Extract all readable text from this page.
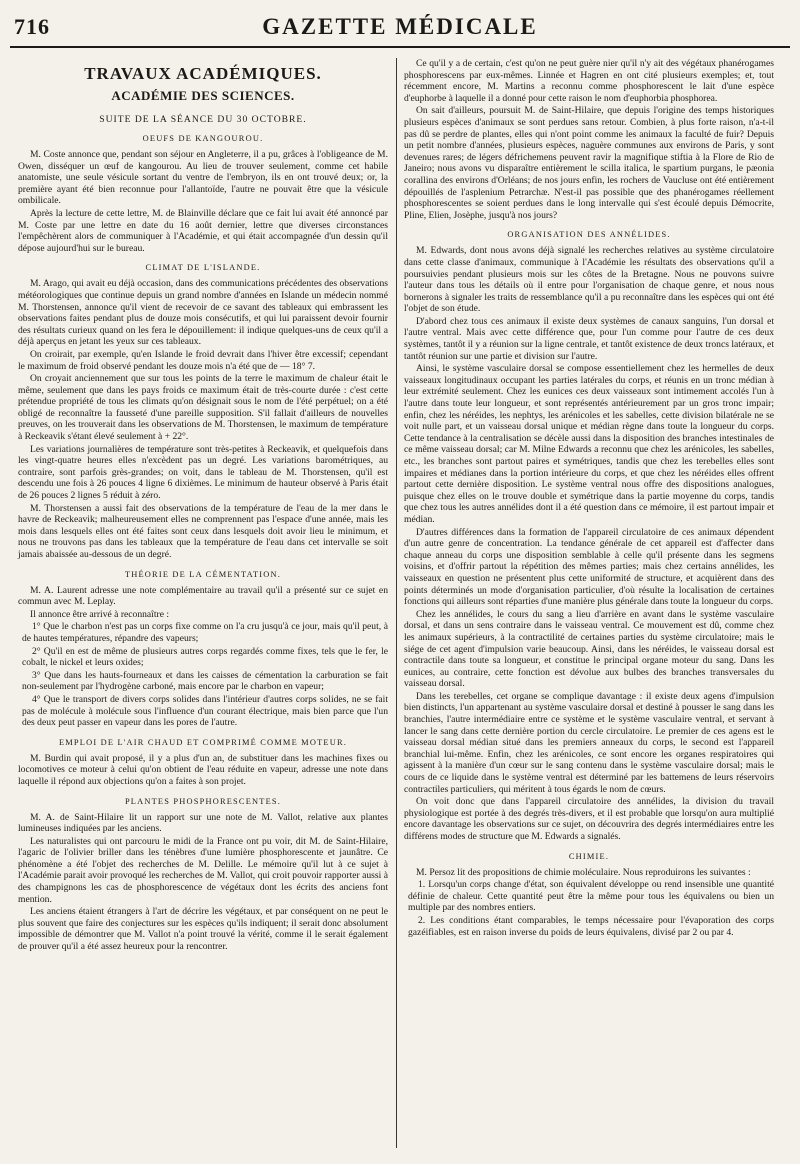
716	GAZETTE MÉDICALE
TRAVAUX ACADÉMIQUES.
ACADÉMIE DES SCIENCES.
SUITE DE LA SÉANCE DU 30 OCTOBRE.
OEUFS DE KANGOUROU.

M. Coste annonce que, pendant son séjour en Angleterre, il a pu, grâces à l'obligeance de M. Owen, disséquer un œuf de kangourou. Au lieu de trouver seulement, comme cet habile anatomiste, une seule vésicule sortant du ventre de l'embryon, ils en ont trouvé deux; or, la première ayant été bien reconnue pour l'allantoïde, l'autre ne pouvait être que la vésicule ombilicale.

Après la lecture de cette lettre, M. de Blainville déclare que ce fait lui avait été annoncé par M. Coste par une lettre en date du 16 août dernier, lettre que diverses circonstances l'empêchèrent alors de communiquer à l'Académie, et qui était accompagnée d'un dessin qu'il dépose aujourd'hui sur le bureau.

CLIMAT DE L'ISLANDE.

M. Arago, qui avait eu déjà occasion, dans des communications précédentes des observations météorologiques que continue depuis un grand nombre d'années en Islande un médecin nommé M. Thorstensen, annonce qu'il vient de recevoir de ce savant des tableaux qui embrassent les observations faites pendant plus de douze mois consécutifs, et qui lui paraissent devoir fournir des résultats curieux quand on les fera le dépouillement: il indique quelques-uns de ceux qu'il a déjà aperçus en jetant les yeux sur ces tableaux.

On croirait, par exemple, qu'en Islande le froid devrait dans l'hiver être excessif; cependant le maximum de froid observé pendant les douze mois n'a été que de — 18° 7.

On croyait anciennement que sur tous les points de la terre le maximum de chaleur était le même, seulement que dans les pays froids ce maximum était de très-courte durée : c'est cette prétendue propriété de tous les climats qu'on désignait sous le nom de l'été perpétuel; on a été obligé de reconnaître la fausseté d'une pareille supposition. S'il fallait d'ailleurs de nouvelles preuves, on les trouverait dans les observations de M. Thorstensen, le maximum de température à Reckeavik s'étant élevé seulement à + 22°.

Les variations journalières de température sont très-petites à Reckeavik, et quelquefois dans les vingt-quatre heures elles n'excèdent pas un degré. Les variations barométriques, au contraire, sont parfois grès-grandes; on voit, dans le tableau de M. Thorstensen, qu'il est descendu une fois à 26 pouces 4 ligne 6 dixièmes. Le minimum de hauteur observé à Paris était de 26 pouces 2 lignes 5 réduit à zéro.

M. Thorstensen a aussi fait des observations de la température de l'eau de la mer dans le havre de Reckeavik; malheureusement elles ne comprennent pas l'espace d'une année, mais les mois dans lesquels elles ont été faites sont ceux dans lesquels doit avoir lieu le minimum, et nous ne trouvons pas dans les tableaux que la température de l'eau dans cet intervalle se soit jamais abaissée au-dessous de un degré.

THÉORIE DE LA CÉMENTATION.

M. A. Laurent adresse une note complémentaire au travail qu'il a présenté sur ce sujet en commun avec M. Leplay.

Il annonce être arrivé à reconnaître :

1° Que le charbon n'est pas un corps fixe comme on l'a cru jusqu'à ce jour, mais qu'il peut, à de hautes températures, répandre des vapeurs;

2° Qu'il en est de même de plusieurs autres corps regardés comme fixes, tels que le fer, le cobalt, le nickel et leurs oxides;

3° Que dans les hauts-fourneaux et dans les caisses de cémentation la carburation se fait non-seulement par l'hydrogène carboné, mais encore par le charbon en vapeur;

4° Que le transport de divers corps solides dans l'intérieur d'autres corps solides, ne se fait pas de molécule à molécule sous l'influence d'un courant électrique, mais bien parce que l'un des deux peut passer en vapeur dans les pores de l'autre.

EMPLOI DE L'AIR CHAUD ET COMPRIMÉ COMME MOTEUR.

M. Burdin qui avait proposé, il y a plus d'un an, de substituer dans les machines fixes ou locomotives ce moteur à celui qu'on obtient de l'eau réduite en vapeur, adresse une note dans laquelle il répond aux objections qu'on a faites à son projet.

PLANTES PHOSPHORESCENTES.

M. A. de Saint-Hilaire lit un rapport sur une note de M. Vallot, relative aux plantes lumineuses indiquées par les anciens.

Les naturalistes qui ont parcouru le midi de la France ont pu voir, dit M. de Saint-Hilaire, l'agaric de l'olivier briller dans les ténèbres d'une lumière phosphorescente et jaunâtre. Ce phénomène a été l'objet des recherches de M. Delille. Le mémoire qu'il lut à ce sujet à l'Académie parait avoir provoqué les recherches de M. Vallot, qui croit pouvoir rapporter aussi à des champignons les cas de phosphorescence de végétaux dont les écrits des anciens font mention.

Les anciens étaient étrangers à l'art de décrire les végétaux, et par conséquent on ne peut le plus souvent que faire des conjectures sur les espèces qu'ils indiquent; il serait donc absolument impossible de démontrer que M. Vallot n'a point trouvé la vérité, comme il le serait également de prouver qu'il a été assez heureux pour la rencontrer.

Ce qu'il y a de certain, c'est qu'on ne peut guère nier qu'il n'y ait des végétaux phanérogames phosphorescens par eux-mêmes. Linnée et Hagren en ont cité plusieurs exemples; et, tout récemment encore, M. Martins a reconnu comme phosphorescent le lait d'une espèce d'euphorbe à laquelle il a donné pour cette raison le nom d'euphorbia phosphorea.

On sait d'ailleurs, poursuit M. de Saint-Hilaire, que depuis l'origine des temps historiques plusieurs espèces d'animaux se sont perdues sans retour. Combien, à plus forte raison, n'a-t-il pas dû se perdre de plantes, elles qui n'ont point comme les animaux la faculté de fuir? Depuis un petit nombre d'années, plusieurs espèces, naguère communes aux environs de Paris, y sont devenues rares; de légers défrichemens peuvent ravir la magnifique stiftia à la Flore de Rio de Janeiro; nous avons vu disparaître entièrement le scilla italica, le spartium purgans, le pæonia corallina des environs d'Orléans; de nos jours enfin, les rochers de Vaucluse ont été entièrement dépouillés de l'asplenium Petrarchæ. N'est-il pas possible que des phanérogames réellement phosphorescentes se soient perdues dans le long intervalle qui s'est écoulé depuis Démocrite, Pline, Elien, Josèphe, jusqu'à nos jours?

ORGANISATION DES ANNÉLIDES.

M. Edwards, dont nous avons déjà signalé les recherches relatives au système circulatoire dans cette classe d'animaux, communique à l'Académie les résultats des observations qu'il a poursuivies pendant plusieurs mois sur les côtes de la Bretagne. Nous ne pouvons suivre l'auteur dans tous les détails où il entre pour l'organisation de chaque genre, et nous nous bornerons à signaler les traits de ressemblance qu'il a pu reconnaître dans les espèces qui ont été l'objet de son étude.

D'abord chez tous ces animaux il existe deux systèmes de canaux sanguins, l'un dorsal et l'autre ventral. Mais avec cette différence que, pour l'un comme pour l'autre de ces deux systèmes, tantôt il y a réunion sur la ligne centrale, et tantôt existence de deux troncs latéraux, et tantôt réunion sur une partie et division sur l'autre.

Ainsi, le système vasculaire dorsal se compose essentiellement chez les hermelles de deux vaisseaux longitudinaux occupant les parties latérales du corps, et réunis en un tronc médian à leur extrémité seulement. Chez les eunices ces deux vaisseaux sont intimement accolés l'un à l'autre dans toute leur longueur, et sont représentés antérieurement par un gros tronc impair; enfin, chez les néréides, les nephtys, les arénicoles et les sabelles, cette division bilatérale ne se voit nulle part, et un vaisseau dorsal unique et médian règne dans toute la longueur du corps. Cette tendance à la centralisation se décèle aussi dans la disposition des branches intestinales de ce même vaisseau dorsal; car M. Milne Edwards a reconnu que chez les arénicoles, les sabelles, etc., les branches sont partout paires et symétriques, tandis que chez les terebelles elles sont impaires et médianes dans la portion intérieure du corps, et que chez les néréides elles offrent partout cette dernière disposition. Le système ventral nous offre des dispositions analogues, puisque chez elles on le trouve double et symétrique dans la partie moyenne du corps, tandis que chez tous les autres annélides dont il a été question dans ce mémoire, il est partout impair et médian.

D'autres différences dans la formation de l'appareil circulatoire de ces animaux dépendent d'un autre genre de concentration. La tendance générale de cet appareil est d'affecter dans chaque anneau du corps une disposition semblable à celle qu'il présente dans les segmens voisins, et d'offrir partout la répétition des mêmes parties; mais chez certains annélides, les vaisseaux en question ne présentent plus cette uniformité de structure, et acquièrent dans des points déterminés un mode d'organisation particulier, d'où résulte la localisation de certaines fonctions qui ailleurs sont réparties d'une manière plus générale dans toute la longueur du corps.

Chez les annélides, le cours du sang a lieu d'arrière en avant dans le système vasculaire dorsal, et dans un sens contraire dans le vaisseau ventral. Ce mouvement est dû, comme chez les animaux supérieurs, à la contractilité de certaines parties du système circulatoire; mais le siége de cet agent d'impulsion varie beaucoup. Ainsi, dans les néréides, le vaisseau dorsal est contractile dans toute sa longueur, et constitue le principal organe moteur du sang. Dans les eunices, au contraire, cette fonction est dévolue aux bulbes des branches transversales du vaisseau dorsal.

Dans les terebelles, cet organe se complique davantage : il existe deux agens d'impulsion bien distincts, l'un appartenant au système vasculaire dorsal et destiné à pousser le sang dans les branchies, l'autre intermédiaire entre ce système et le système vasculaire ventral, et servant à lancer le sang dans cette dernière portion du cercle circulatoire. Le premier de ces agens est le vaisseau dorsal médian situé dans les premiers anneaux du corps, le second est l'appareil branchial lui-même. Enfin, chez les arénicoles, ce sont encore les organes respiratoires qui agissent à la manière d'un cœur sur le sang contenu dans le système vasculaire dorsal; mais le cours de ce liquide dans le système ventral est déterminé par les battemens de leurs réservoirs contractiles particuliers, qui méritent à tous égards le nom de cœurs.

On voit donc que dans l'appareil circulatoire des annélides, la division du travail physiologique est portée à des degrés très-divers, et il est probable que lorsqu'on aura multiplié encore davantage les observations sur ce sujet, on découvrira des degrés intermédiaires entre les différens modes de structure que M. Edwards a signalés.

CHIMIE.

M. Persoz lit des propositions de chimie moléculaire. Nous reproduirons les suivantes :

1. Lorsqu'un corps change d'état, son équivalent développe ou rend insensible une quantité définie de chaleur. Cette quantité peut être la même pour tous les équivalens ou bien un multiple par des nombres entiers.

2. Les conditions étant comparables, le temps nécessaire pour l'évaporation des corps gazéifiables, est en raison inverse du poids de leurs équivalens, divisé par 2 ou par 4.
